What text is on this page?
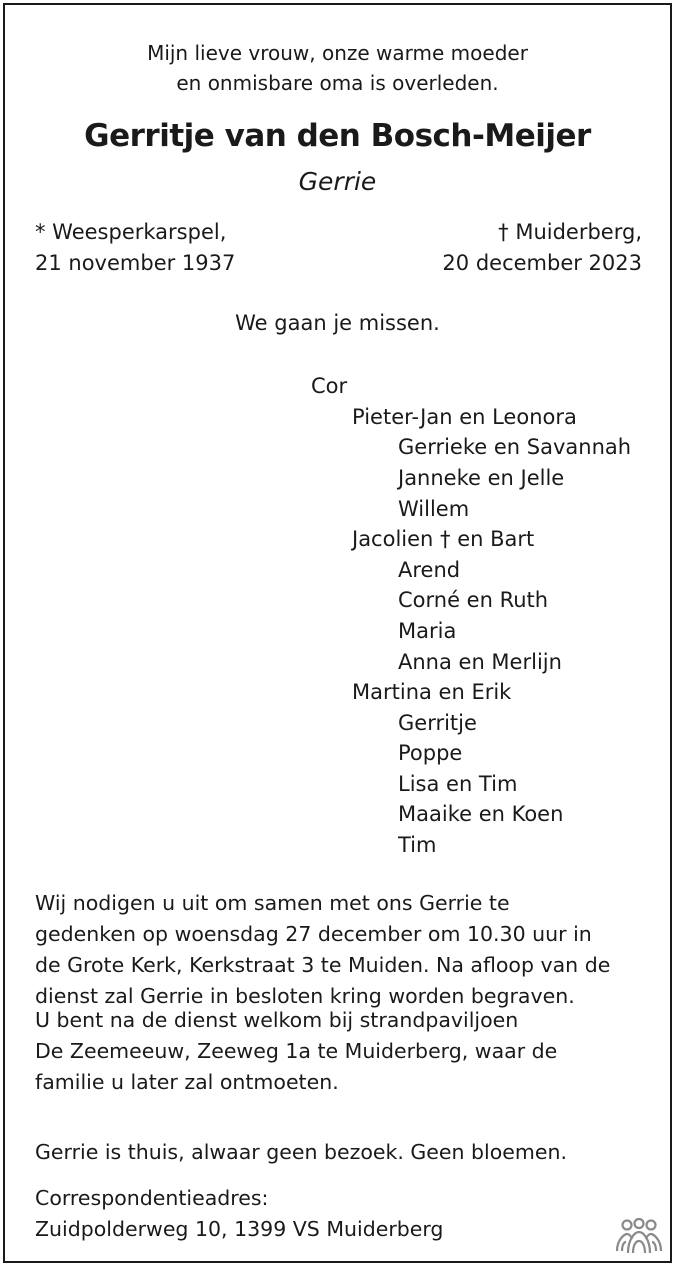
Mijn lieve vrouw, onze warme moeder
en onmisbare oma is overleden.
Gerritje van den Bosch-Meijer
Gerrie
* Weesperkarspel,
21 november 1937
† Muiderberg,
20 december 2023
We gaan je missen.
Cor
Pieter-Jan en Leonora
Gerrieke en Savannah
Janneke en Jelle
Willem
Jacolien † en Bart
Arend
Corné en Ruth
Maria
Anna en Merlijn
Martina en Erik
Gerritje
Poppe
Lisa en Tim
Maaike en Koen
Tim
Wij nodigen u uit om samen met ons Gerrie te
gedenken op woensdag 27 december om 10.30 uur in
de Grote Kerk, Kerkstraat 3 te Muiden. Na afloop van de
dienst zal Gerrie in besloten kring worden begraven.
U bent na de dienst welkom bij strandpaviljoen
De Zeemeeuw, Zeeweg 1a te Muiderberg, waar de
familie u later zal ontmoeten.
Gerrie is thuis, alwaar geen bezoek. Geen bloemen.
Correspondentieadres:
Zuidpolderweg 10, 1399 VS Muiderberg
